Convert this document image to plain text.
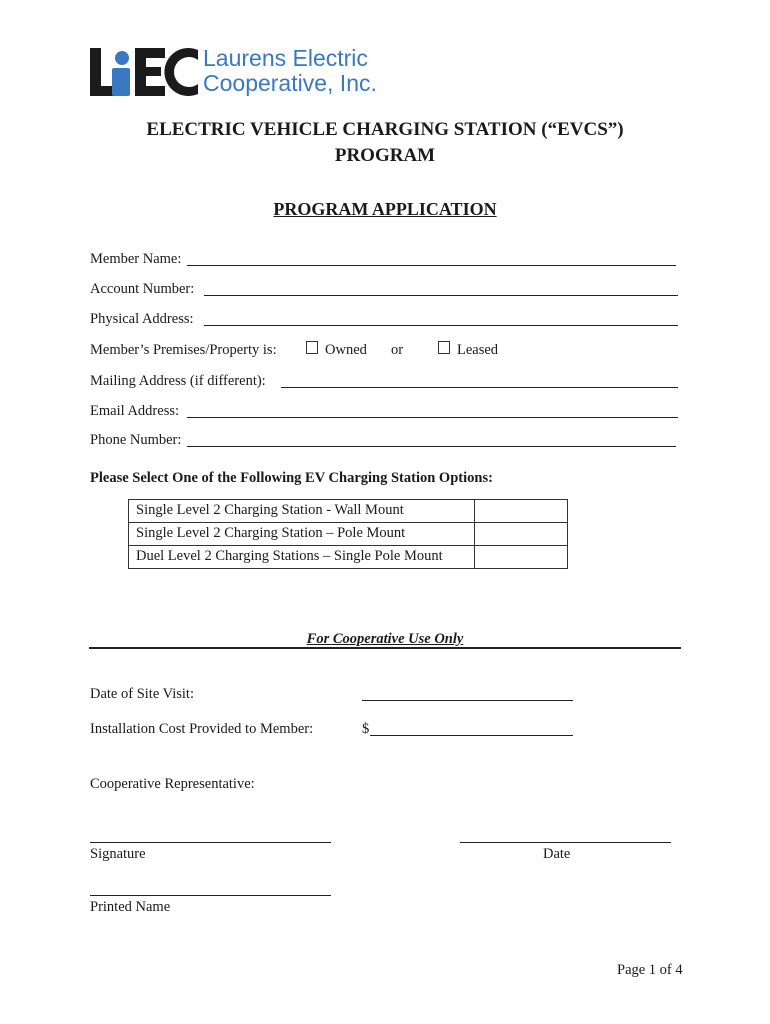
Laurens Electric
Cooperative, Inc.
ELECTRIC VEHICLE CHARGING STATION (“EVCS”)
PROGRAM
PROGRAM APPLICATION
Member Name:
Account Number:
Physical Address:
Member’s Premises/Property is:	Owned or	Leased
Mailing Address (if different):
Email Address:
Phone Number:
Please Select One of the Following EV Charging Station Options:
Single Level 2 Charging Station - Wall Mount	
Single Level 2 Charging Station – Pole Mount	
Duel Level 2 Charging Stations – Single Pole Mount	
For Cooperative Use Only
Date of Site Visit:
Installation Cost Provided to Member:	$
Cooperative Representative:
Signature	Date
Printed Name
Page 1 of 4
